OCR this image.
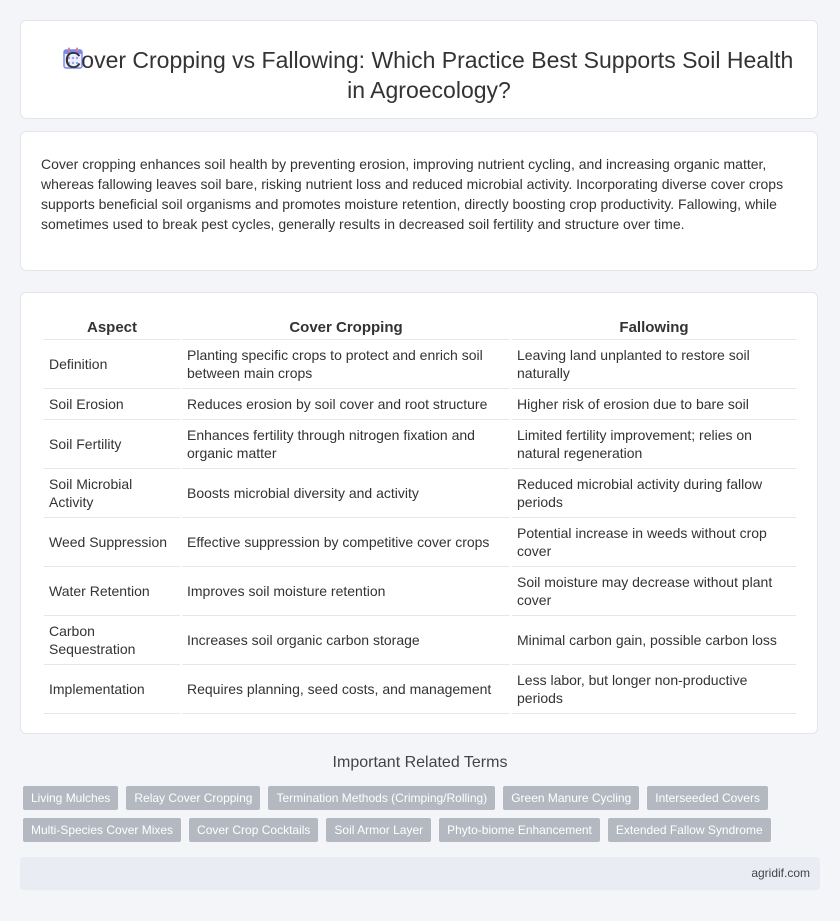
Cover Cropping vs Fallowing: Which Practice Best Supports Soil Health in Agroecology?

Cover cropping enhances soil health by preventing erosion, improving nutrient cycling, and increasing organic matter, whereas fallowing leaves soil bare, risking nutrient loss and reduced microbial activity. Incorporating diverse cover crops supports beneficial soil organisms and promotes moisture retention, directly boosting crop productivity. Fallowing, while sometimes used to break pest cycles, generally results in decreased soil fertility and structure over time.

Aspect	Cover Cropping	Fallowing
Definition	Planting specific crops to protect and enrich soil between main crops	Leaving land unplanted to restore soil naturally
Soil Erosion	Reduces erosion by soil cover and root structure	Higher risk of erosion due to bare soil
Soil Fertility	Enhances fertility through nitrogen fixation and organic matter	Limited fertility improvement; relies on natural regeneration
Soil Microbial Activity	Boosts microbial diversity and activity	Reduced microbial activity during fallow periods
Weed Suppression	Effective suppression by competitive cover crops	Potential increase in weeds without crop cover
Water Retention	Improves soil moisture retention	Soil moisture may decrease without plant cover
Carbon Sequestration	Increases soil organic carbon storage	Minimal carbon gain, possible carbon loss
Implementation	Requires planning, seed costs, and management	Less labor, but longer non-productive periods
Important Related Terms
Living Mulches	Relay Cover Cropping	Termination Methods (Crimping/Rolling)	Green Manure Cycling	Interseeded Covers
Multi-Species Cover Mixes	Cover Crop Cocktails	Soil Armor Layer	Phyto-biome Enhancement	Extended Fallow Syndrome
agridif.com
